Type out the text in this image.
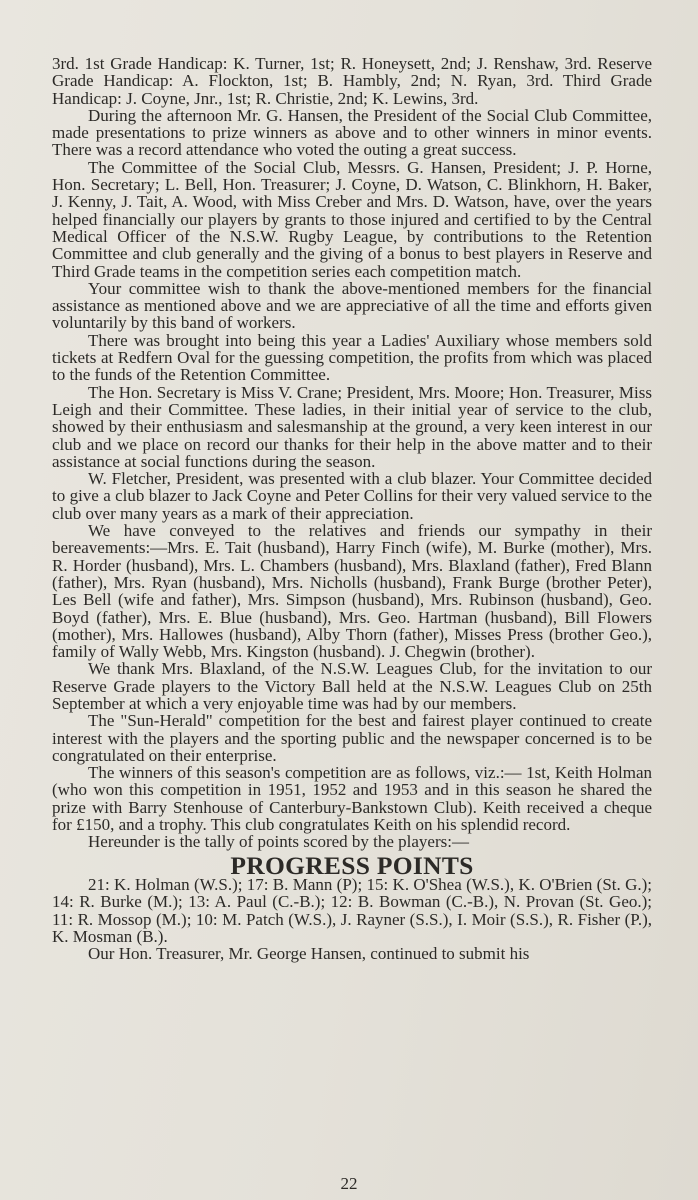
3rd. 1st Grade Handicap: K. Turner, 1st; R. Honeysett, 2nd; J. Renshaw, 3rd. Reserve Grade Handicap: A. Flockton, 1st; B. Hambly, 2nd; N. Ryan, 3rd. Third Grade Handicap: J. Coyne, Jnr., 1st; R. Christie, 2nd; K. Lewins, 3rd.

During the afternoon Mr. G. Hansen, the President of the Social Club Committee, made presentations to prize winners as above and to other winners in minor events. There was a record attendance who voted the outing a great success.

The Committee of the Social Club, Messrs. G. Hansen, President; J. P. Horne, Hon. Secretary; L. Bell, Hon. Treasurer; J. Coyne, D. Watson, C. Blinkhorn, H. Baker, J. Kenny, J. Tait, A. Wood, with Miss Creber and Mrs. D. Watson, have, over the years helped financially our players by grants to those injured and certified to by the Central Medical Officer of the N.S.W. Rugby League, by contributions to the Retention Committee and club generally and the giving of a bonus to best players in Reserve and Third Grade teams in the competition series each competition match.

Your committee wish to thank the above-mentioned members for the financial assistance as mentioned above and we are appreciative of all the time and efforts given voluntarily by this band of workers.

There was brought into being this year a Ladies' Auxiliary whose members sold tickets at Redfern Oval for the guessing competition, the profits from which was placed to the funds of the Retention Committee.

The Hon. Secretary is Miss V. Crane; President, Mrs. Moore; Hon. Treasurer, Miss Leigh and their Committee. These ladies, in their initial year of service to the club, showed by their enthusiasm and salesmanship at the ground, a very keen interest in our club and we place on record our thanks for their help in the above matter and to their assistance at social functions during the season.

W. Fletcher, President, was presented with a club blazer. Your Committee decided to give a club blazer to Jack Coyne and Peter Collins for their very valued service to the club over many years as a mark of their appreciation.

We have conveyed to the relatives and friends our sympathy in their bereavements:—Mrs. E. Tait (husband), Harry Finch (wife), M. Burke (mother), Mrs. R. Horder (husband), Mrs. L. Chambers (husband), Mrs. Blaxland (father), Fred Blann (father), Mrs. Ryan (husband), Mrs. Nicholls (husband), Frank Burge (brother Peter), Les Bell (wife and father), Mrs. Simpson (husband), Mrs. Rubinson (husband), Geo. Boyd (father), Mrs. E. Blue (husband), Mrs. Geo. Hartman (husband), Bill Flowers (mother), Mrs. Hallowes (husband), Alby Thorn (father), Misses Press (brother Geo.), family of Wally Webb, Mrs. Kingston (husband). J. Chegwin (brother).

We thank Mrs. Blaxland, of the N.S.W. Leagues Club, for the invitation to our Reserve Grade players to the Victory Ball held at the N.S.W. Leagues Club on 25th September at which a very enjoyable time was had by our members.

The "Sun-Herald" competition for the best and fairest player continued to create interest with the players and the sporting public and the newspaper concerned is to be congratulated on their enterprise.

The winners of this season's competition are as follows, viz.:— 1st, Keith Holman (who won this competition in 1951, 1952 and 1953 and in this season he shared the prize with Barry Stenhouse of Canterbury-Bankstown Club). Keith received a cheque for £150, and a trophy. This club congratulates Keith on his splendid record.

Hereunder is the tally of points scored by the players:—

PROGRESS POINTS

21: K. Holman (W.S.); 17: B. Mann (P); 15: K. O'Shea (W.S.), K. O'Brien (St. G.); 14: R. Burke (M.); 13: A. Paul (C.-B.); 12: B. Bowman (C.-B.), N. Provan (St. Geo.); 11: R. Mossop (M.); 10: M. Patch (W.S.), J. Rayner (S.S.), I. Moir (S.S.), R. Fisher (P.), K. Mosman (B.).

Our Hon. Treasurer, Mr. George Hansen, continued to submit his

22
